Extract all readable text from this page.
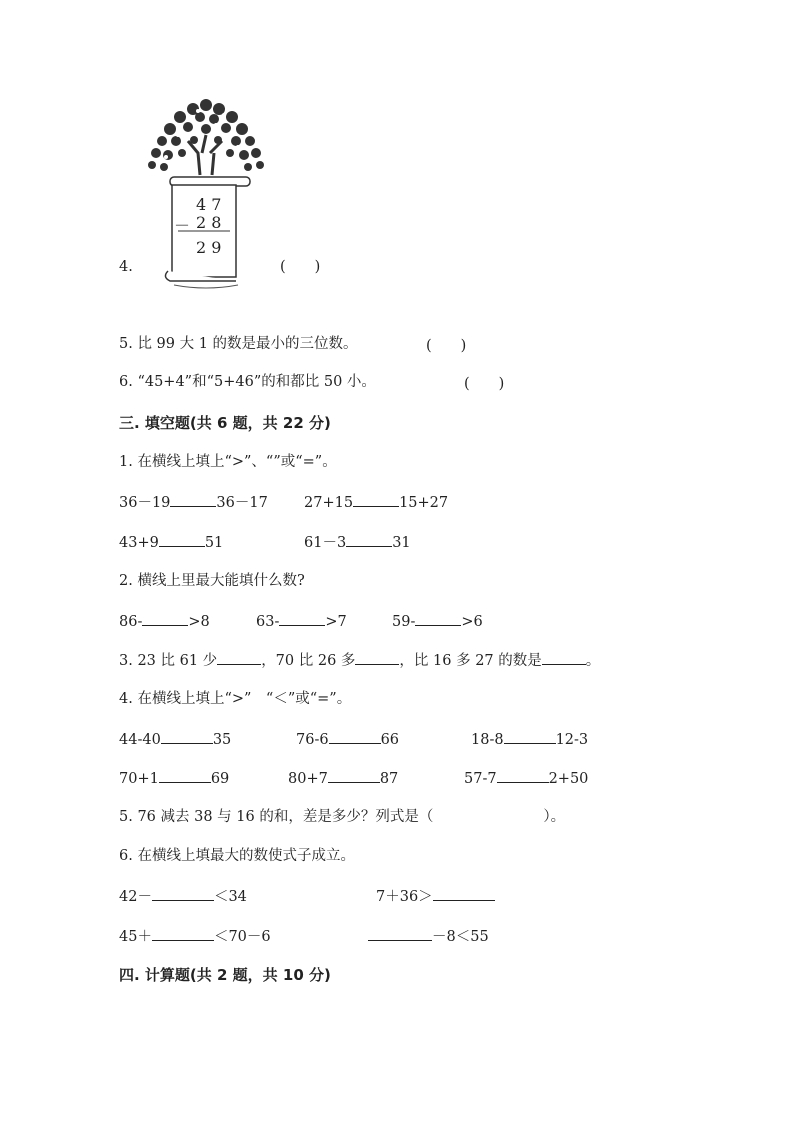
4.
4 7
－ 2 8
2 9
(　　)
5. 比 99 大 1 的数是最小的三位数。	(　　)
6. “45+4”和“5+46”的和都比 50 小。	(　　)
三. 填空题(共 6 题，共 22 分)
1. 在横线上填上“>”、“”或“=”。
36－19	36－17 27+15	15+27
43+9	51	61－3	31
2. 横线上里最大能填什么数?
86-	>8	63-	>7	59-	>6
3. 23 比 61 少	，70 比 26 多	，比 16 多 27 的数是	。
4. 在横线上填上“>”　“＜”或“=”。
44-40	35	76-6	66	18-8	12-3
70+1	69	80+7	87	57-7	2+50
5. 76 减去 38 与 16 的和，差是多少？列式是（	）。
6. 在横线上填最大的数使式子成立。
42－	＜34	7＋36＞
45＋	＜70－6	－8＜55
四. 计算题(共 2 题，共 10 分)
